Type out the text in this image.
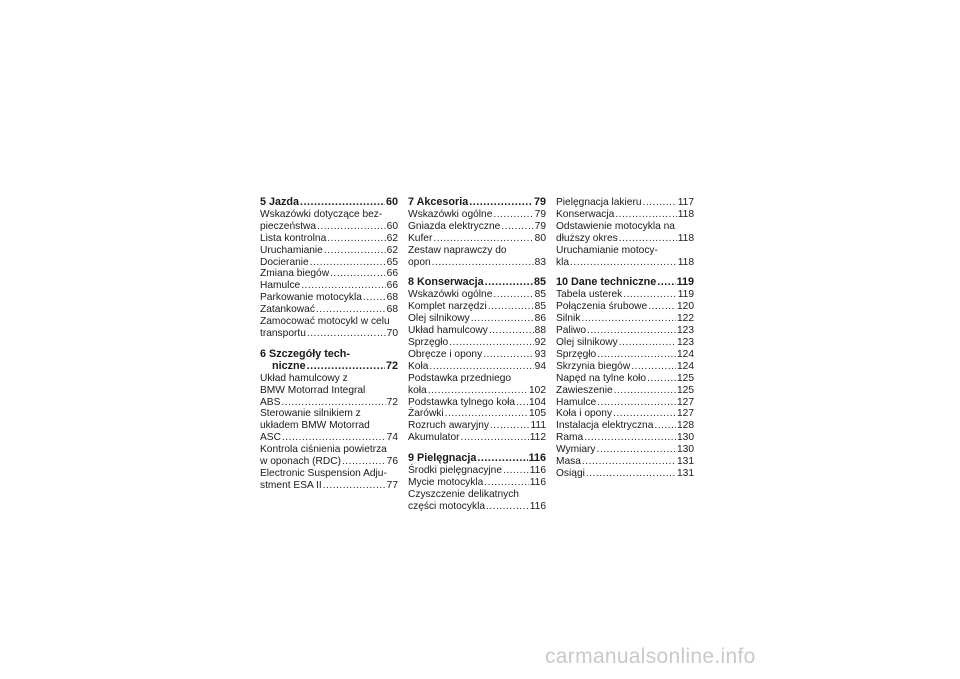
5 Jazda .....	60
Wskazówki dotyczące bez-
pieczeństwa .....	60
Lista kontrolna .....	62
Uruchamianie .....	62
Docieranie .....	65
Zmiana biegów .....	66
Hamulce .....	66
Parkowanie motocykla ..... 68
Zatankować .....	68
Zamocować motocykl w celu
transportu .....	70
6 Szczegóły tech-
niczne .....	72
Układ hamulcowy z
BMW Motorrad Integral
ABS .....	72
Sterowanie silnikiem z
układem BMW Motorrad
ASC .....	74
Kontrola ciśnienia powietrza
w oponach (RDC) .....	76
Electronic Suspension Adju-
stment ESA II .....	77
7 Akcesoria .....	79
Wskazówki ogólne .....	79
Gniazda elektryczne .....	79
Kufer .....	80
Zestaw naprawczy do
opon .....	83
8 Konserwacja .....	85
Wskazówki ogólne .....	85
Komplet narzędzi .....	85
Olej silnikowy .....	86
Układ hamulcowy .....	88
Sprzęgło .....	92
Obręcze i opony .....	93
Koła .....	94
Podstawka przedniego
koła .....	102
Podstawka tylnego koła ..... 104
Żarówki .....	105
Rozruch awaryjny .....	111
Akumulator .....	112
9 Pielęgnacja .....	116
Środki pielęgnacyjne .....	116
Mycie motocykla .....	116
Czyszczenie delikatnych
części motocykla .....	116
Pielęgnacja lakieru .....	117
Konserwacja .....	118
Odstawienie motocykla na
dłuższy okres .....	118
Uruchamianie motocy-
kla .....	118
10 Dane techniczne ..... 119
Tabela usterek .....	119
Połączenia śrubowe .....	120
Silnik .....	122
Paliwo .....	123
Olej silnikowy .....	123
Sprzęgło .....	124
Skrzynia biegów .....	124
Napęd na tylne koło .....	125
Zawieszenie .....	125
Hamulce .....	127
Koła i opony .....	127
Instalacja elektryczna ..... 128
Rama .....	130
Wymiary .....	130
Masa .....	131
Osiągi .....	131
carmanualsonline.info
